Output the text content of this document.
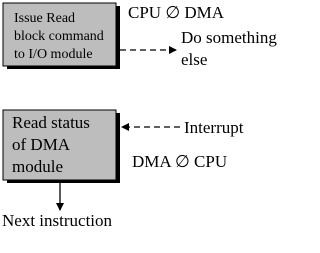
Issue Read
block command
to I/O module
CPU ∅ DMA
Do something
else
Read status
of DMA
module
Interrupt
DMA ∅ CPU
Next instruction
